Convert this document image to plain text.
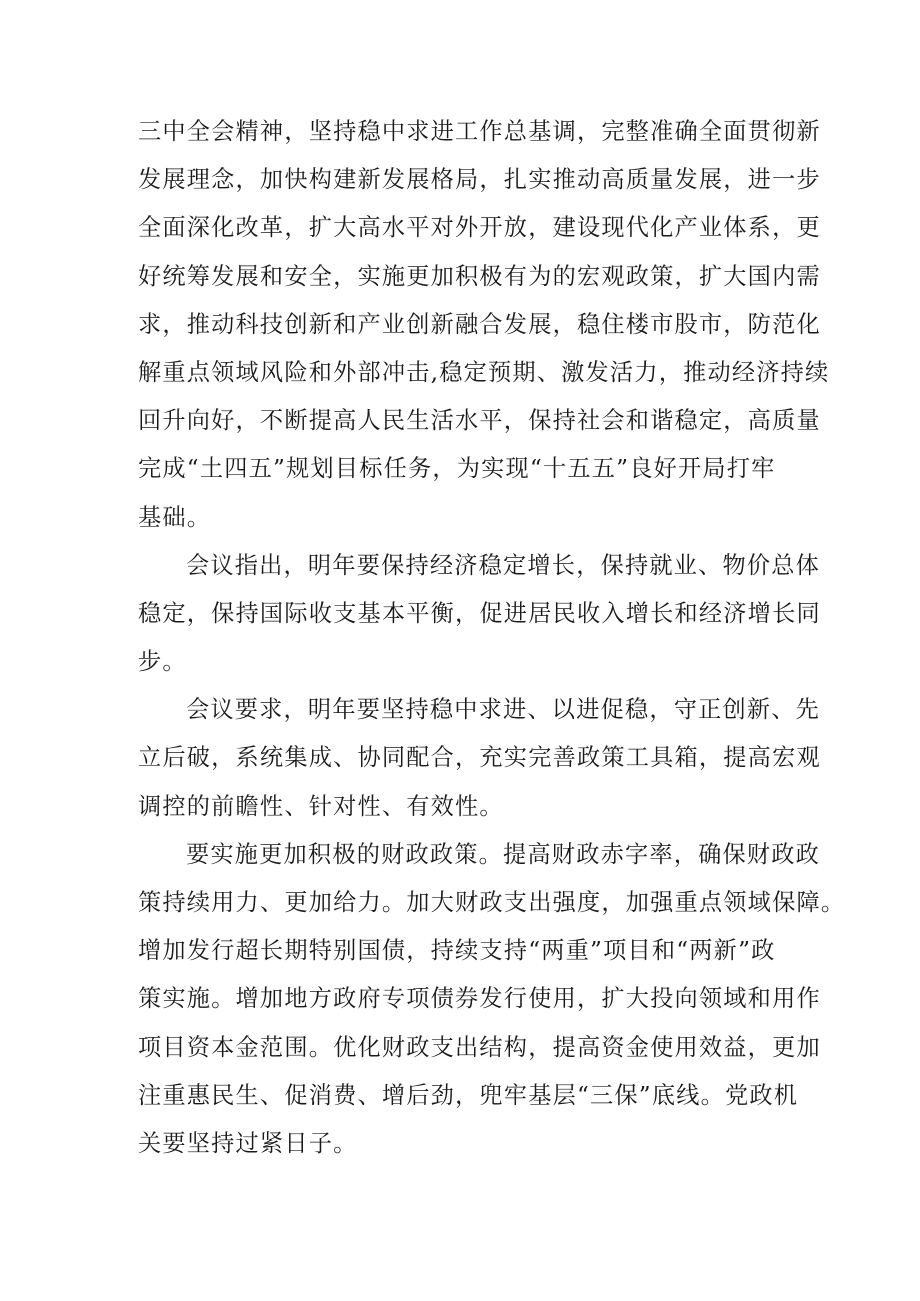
三中全会精神，坚持稳中求进工作总基调，完整准确全面贯彻新
发展理念，加快构建新发展格局，扎实推动高质量发展，进一步
全面深化改革，扩大高水平对外开放，建设现代化产业体系，更
好统筹发展和安全，实施更加积极有为的宏观政策，扩大国内需
求，推动科技创新和产业创新融合发展，稳住楼市股市，防范化
解重点领域风险和外部冲击,稳定预期、激发活力，推动经济持续
回升向好，不断提高人民生活水平，保持社会和谐稳定，高质量
完成“土四五”规划目标任务，为实现“十五五”良好开局打牢
基础。
会议指出，明年要保持经济稳定增长，保持就业、物价总体
稳定，保持国际收支基本平衡，促进居民收入增长和经济增长同
步。
会议要求，明年要坚持稳中求进、以进促稳，守正创新、先
立后破，系统集成、协同配合，充实完善政策工具箱，提高宏观
调控的前瞻性、针对性、有效性。
要实施更加积极的财政政策。提高财政赤字率，确保财政政
策持续用力、更加给力。加大财政支出强度，加强重点领域保障。
增加发行超长期特别国债，持续支持“两重”项目和“两新”政
策实施。增加地方政府专项债券发行使用，扩大投向领域和用作
项目资本金范围。优化财政支出结构，提高资金使用效益，更加
注重惠民生、促消费、增后劲，兜牢基层“三保”底线。党政机
关要坚持过紧日子。
